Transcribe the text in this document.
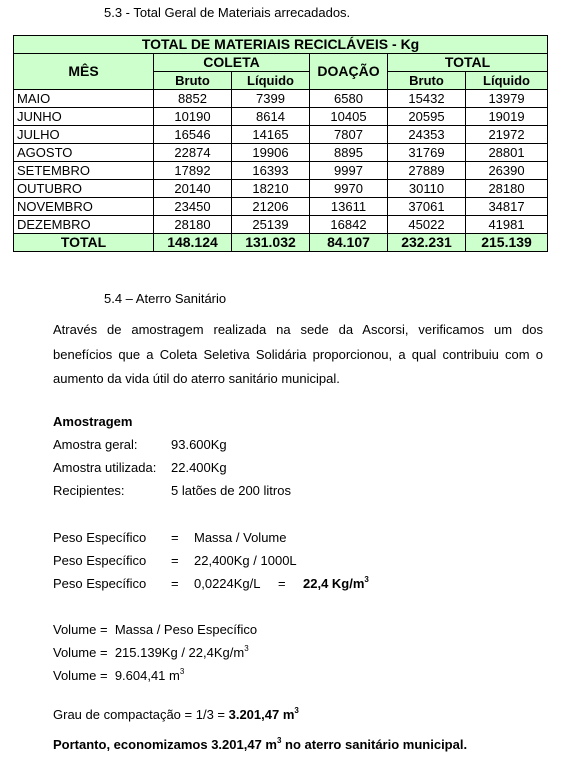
5.3 - Total Geral de Materiais arrecadados.
TOTAL DE MATERIAIS RECICLÁVEIS - Kg					
MÊS	COLETA		DOAÇÃO	TOTAL	
	Bruto	Líquido		Bruto	Líquido
MAIO	8852	7399	6580	15432	13979
JUNHO	10190	8614	10405	20595	19019
JULHO	16546	14165	7807	24353	21972
AGOSTO	22874	19906	8895	31769	28801
SETEMBRO	17892	16393	9997	27889	26390
OUTUBRO	20140	18210	9970	30110	28180
NOVEMBRO	23450	21206	13611	37061	34817
DEZEMBRO	28180	25139	16842	45022	41981
TOTAL	148.124	131.032	84.107	232.231	215.139
5.4 – Aterro Sanitário
Através de amostragem realizada na sede da Ascorsi, verificamos um dos
benefícios que a Coleta Seletiva Solidária proporcionou, a qual contribuiu com o
aumento da vida útil do aterro sanitário municipal.
Amostragem
Amostra geral:	93.600Kg
Amostra utilizada: 22.400Kg
Recipientes:	5 latões de 200 litros
Peso Específico = Massa / Volume
Peso Específico = 22,400Kg / 1000L
Peso Específico = 0,0224Kg/L = 22,4 $Kg/m^3$
Volume = Massa / Peso Específico
Volume = $215.139Kg / 22,4Kg/m^3$
Volume = 9.604,41 $m^3$
Grau de compactação = 1/3 = 3.201,47 $m^3$
Portanto, economizamos 3.201,47 $m^3$ no aterro sanitário municipal.
